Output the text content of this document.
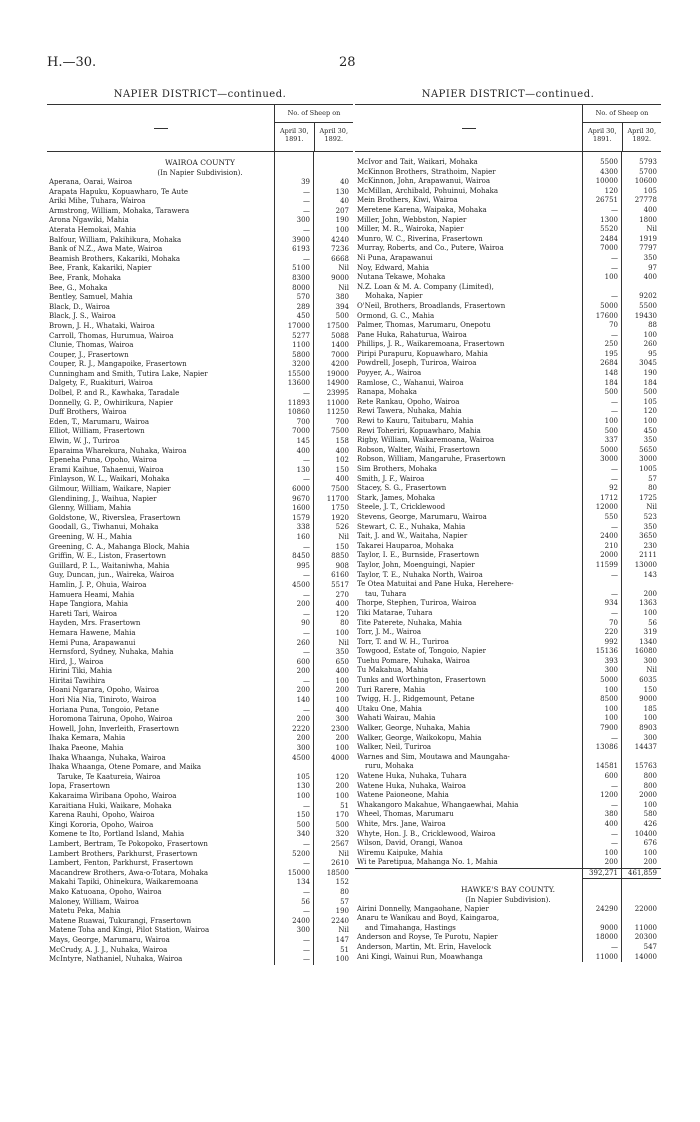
H.—30.	28
NAPIER DISTRICT—continued.
No. of Sheep on
April 30, 1891.
April 30, 1892.
WAIROA COUNTY
(In Napier Subdivision).
Aperana, Oarai, Wairoa	39	40
Arapata Hapuku, Kopuawharo, Te Aute	—	130
Ariki Mihe, Tuhara, Wairoa	—	40
Armstrong, William, Mohaka, Tarawera	—	207
Arona Ngawiki, Mahia	300	190
Aterata Hemokai, Mahia	—	100
Balfour, William, Pakihikura, Mohaka	3900	4240
Bank of N.Z., Awa Mate, Wairoa	6193	7236
Beamish Brothers, Kakariki, Mohaka	—	6668
Bee, Frank, Kakariki, Napier	5100	Nil
Bee, Frank, Mohaka	8300	9000
Bee, G., Mohaka	8000	Nil
Bentley, Samuel, Mahia	570	380
Black, D., Wairoa	289	394
Black, J. S., Wairoa	450	500
Brown, J. H., Whataki, Wairoa	17000	17500
Carroll, Thomas, Hurumua, Wairoa	5277	5088
Clunie, Thomas, Wairoa	1100	1400
Couper, J., Frasertown	5800	7000
Couper, R. J., Mangapoike, Frasertown	3200	4200
Cunningham and Smith, Tutira Lake, Napier	15500	19000
Dalgety, F., Ruakituri, Wairoa	13600	14900
Dolbel, P. and R., Kawhaka, Taradale	—	23995
Donnelly, G. P., Owhirikura, Napier	11893	11000
Duff Brothers, Wairoa	10860	11250
Eden, T., Marumaru, Wairoa	700	700
Elliot, William, Frasertown	7000	7500
Elwin, W. J., Turiroa	145	158
Eparaima Wharekura, Nuhaka, Wairoa	400	400
Epeneha Puna, Opoho, Wairoa	—	102
Erami Kaihue, Tahaenui, Wairoa	130	150
Finlayson, W. L., Waikari, Mohaka	—	400
Gilmour, William, Waikare, Napier	6000	7500
Glendining, J., Waihua, Napier	9670	11700
Glenny, William, Mahia	1600	1750
Goldstone, W., Riverslea, Frasertown	1579	1920
Goodall, G., Tiwhanui, Mohaka	338	526
Greening, W. H., Mahia	160	Nil
Greening, C. A., Mahanga Block, Mahia	—	150
Griffin, W. E., Liston, Frasertown	8450	8850
Guillard, P. L., Waitaniwha, Mahia	995	908
Guy, Duncan, jun., Waireka, Wairoa	—	6160
Hamlin, J. P., Ohuia, Wairoa	4500	5517
Hamuera Heami, Mahia	—	270
Hape Tangiora, Mahia	200	400
Hareti Tari, Wairoa	—	120
Hayden, Mrs. Frasertown	90	80
Hemara Hawene, Mahia	—	100
Hemi Puna, Arapawanui	260	Nil
Hernsford, Sydney, Nuhaka, Mahia	—	350
Hird, J., Wairoa	600	650
Hirini Tiki, Mahia	200	400
Hiritai Tawihira	—	100
Hoani Ngarara, Opoho, Wairoa	200	200
Hori Nia Nia, Tiniroto, Wairoa	140	100
Horiana Puna, Tongoio, Petane	—	400
Horomona Tairuna, Opoho, Wairoa	200	300
Howell, John, Inverleith, Frasertown	2220	2300
Ihaka Kemara, Mahia	200	200
Ihaka Paeone, Mahia	300	100
Ihaka Whaanga, Nuhaka, Wairoa	4500	4000
Ihaka Whaanga, Otene Pomare, and Maika
Taruke, Te Kaatureia, Wairoa	105	120
Iopa, Frasertown	130	200
Kakaraima Wiribana Opoho, Wairoa	100	100
Karaitiana Huki, Waikare, Mohaka	—	51
Karena Rauhi, Opoho, Wairoa	150	170
Kingi Kororia, Opoho, Wairoa	500	500
Komene te Ito, Portland Island, Mahia	340	320
Lambert, Bertram, Te Pokopoko, Frasertown	—	2567
Lambert Brothers, Parkhurst, Frasertown	5200	Nil
Lambert, Fenton, Parkhurst, Frasertown	—	2610
Macandrew Brothers, Awa-o-Totara, Mohaka	15000	18500
Makahi Tapiki, Ohinekura, Waikaremoana	134	152
Mako Katuoana, Opoho, Wairoa	—	80
Maloney, William, Wairoa	56	57
Matetu Peka, Mahia	—	190
Matene Ruawai, Tukurangi, Frasertown	2400	2240
Matene Toha and Kingi, Pilot Station, Wairoa	300	Nil
Mays, George, Marumaru, Wairoa	—	147
McCrudy, A. J. J., Nuhaka, Wairoa	—	51
McIntyre, Nathaniel, Nuhaka, Wairoa	—	100
NAPIER DISTRICT—continued.
No. of Sheep on
April 30, 1891.
April 30, 1892.
McIvor and Tait, Waikari, Mohaka	5500	5793
McKinnon Brothers, Strathoim, Napier	4300	5700
McKinnon, John, Arapawanui, Wairoa	10000	10600
McMillan, Archibald, Pohuinui, Mohaka	120	105
Mein Brothers, Kiwi, Wairoa	26751	27778
Meretene Karena, Waipaka, Mohaka	—	400
Miller, John, Webbston, Napier	1300	1800
Miller, M. R., Wairoka, Napier	5520	Nil
Munro, W. C., Riverina, Frasertown	2484	1919
Murray, Roberts, and Co., Putere, Wairoa	7000	7797
Ni Puna, Arapawanui	—	350
Noy, Edward, Mahia	—	97
Nutana Tekawe, Mohaka	100	400
N.Z. Loan & M. A. Company (Limited),
Mohaka, Napier	—	9202
O'Neil, Brothers, Broadlands, Frasertown	5000	5500
Ormond, G. C., Mahia	17600	19430
Palmer, Thomas, Marumaru, Onepotu	70	88
Pane Huka, Rahaturua, Wairoa	—	100
Phillips, J. R., Waikaremoana, Frasertown	250	260
Piripi Purapuru, Kopuawharo, Mahia	195	95
Powdrell, Joseph, Turiroa, Wairoa	2684	3045
Poyyer, A., Wairoa	148	190
Ramlose, C., Wahanui, Wairoa	184	184
Ranapa, Mohaka	500	500
Rete Rankau, Opoho, Wairoa	—	105
Rewi Tawera, Nuhaka, Mahia	—	120
Rewi to Kauru, Taitubaru, Mahia	100	100
Rewi Toheriri, Kopuawharo, Mahia	500	450
Rigby, William, Waikaremoana, Wairoa	337	350
Robson, Walter, Waihi, Frasertown	5000	5650
Robson, William, Mangaruhe, Frasertown	3000	3000
Sim Brothers, Mohaka	—	1005
Smith, J. F., Wairoa	—	57
Stacey, S. G., Frasertown	92	80
Stark, James, Mohaka	1712	1725
Steele, J. T., Cricklewood	12000	Nil
Stevens, George, Marumaru, Wairoa	550	523
Stewart, C. E., Nuhaka, Mahia	—	350
Tait, J. and W., Waitaha, Napier	2400	3650
Takarei Hauparoa, Mohaka	210	230
Taylor, I. E., Burnside, Frasertown	2000	2111
Taylor, John, Moenguingi, Napier	11599	13000
Taylor, T. E., Nuhaka North, Wairoa	—	143
Te Otea Matuitai and Pane Huka, Herehere-
tau, Tuhara	—	200
Thorpe, Stephen, Turiroa, Wairoa	934	1363
Tiki Matarae, Tuhara	—	100
Tite Paterete, Nuhaka, Mahia	70	56
Torr, J. M., Wairoa	220	319
Torr, T. and W. H., Turiroa	992	1340
Towgood, Estate of, Tongoio, Napier	15136	16080
Tuehu Pomare, Nuhaka, Wairoa	393	300
Tu Makahua, Mahia	300	Nil
Tunks and Worthington, Frasertown	5000	6035
Turi Rarere, Mahia	100	150
Twigg, H. J., Ridgemount, Petane	8500	9000
Utaku One, Mahia	100	185
Wahati Wairau, Mahia	100	100
Walker, George, Nuhaka, Mahia	7900	8903
Walker, George, Waikokopu, Mahia	—	300
Walker, Neil, Turiroa	13086	14437
Warnes and Sim, Moutawa and Maungaha-
ruru, Mohaka	14581	15763
Watene Huka, Nuhaka, Tuhara	600	800
Watene Huka, Nuhaka, Wairoa	—	800
Watene Paioneone, Mahia	1200	2000
Whakangoro Makahue, Whangaewhai, Mahia	—	100
Wheel, Thomas, Marumaru	380	580
White, Mrs. Jane, Wairoa	400	426
Whyte, Hon. J. B., Cricklewood, Wairoa	—	10400
Wilson, David, Orangi, Wanoa	—	676
Wiremu Kaipuke, Mahia	100	100
Wi te Paretipua, Mahanga No. 1, Mahia	200	200
392,271	461,859
HAWKE'S BAY COUNTY.
(In Napier Subdivision).
Airini Donnelly, Mangaohane, Napier	24290	22000
Anaru te Wanikau and Boyd, Kaingaroa,
and Timahanga, Hastings	9000	11000
Anderson and Royse, Te Purotu, Napier	18000	20300
Anderson, Martin, Mt. Erin, Havelock	—	547
Ani Kingi, Wainui Run, Moawhanga	11000	14000
